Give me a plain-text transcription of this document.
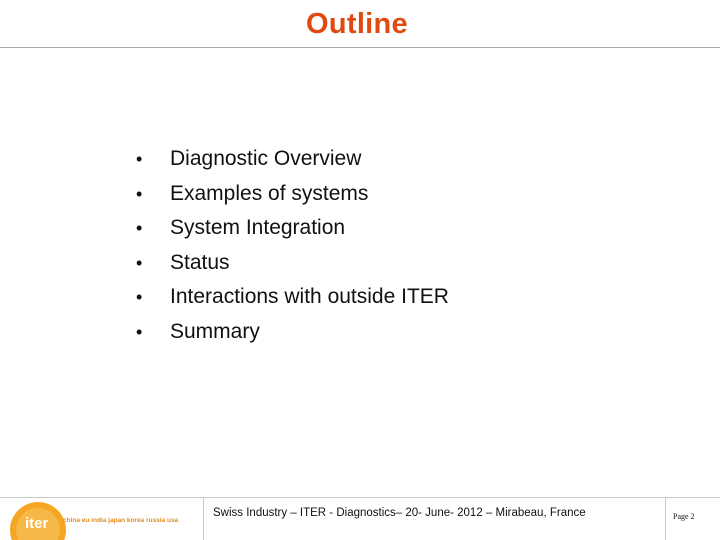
Outline
• Diagnostic Overview
• Examples of systems
• System Integration
• Status
• Interactions with outside ITER
• Summary
iter china eu india japan korea russia usa
Swiss Industry – ITER - Diagnostics– 20- June- 2012 – Mirabeau, France	Page 2
